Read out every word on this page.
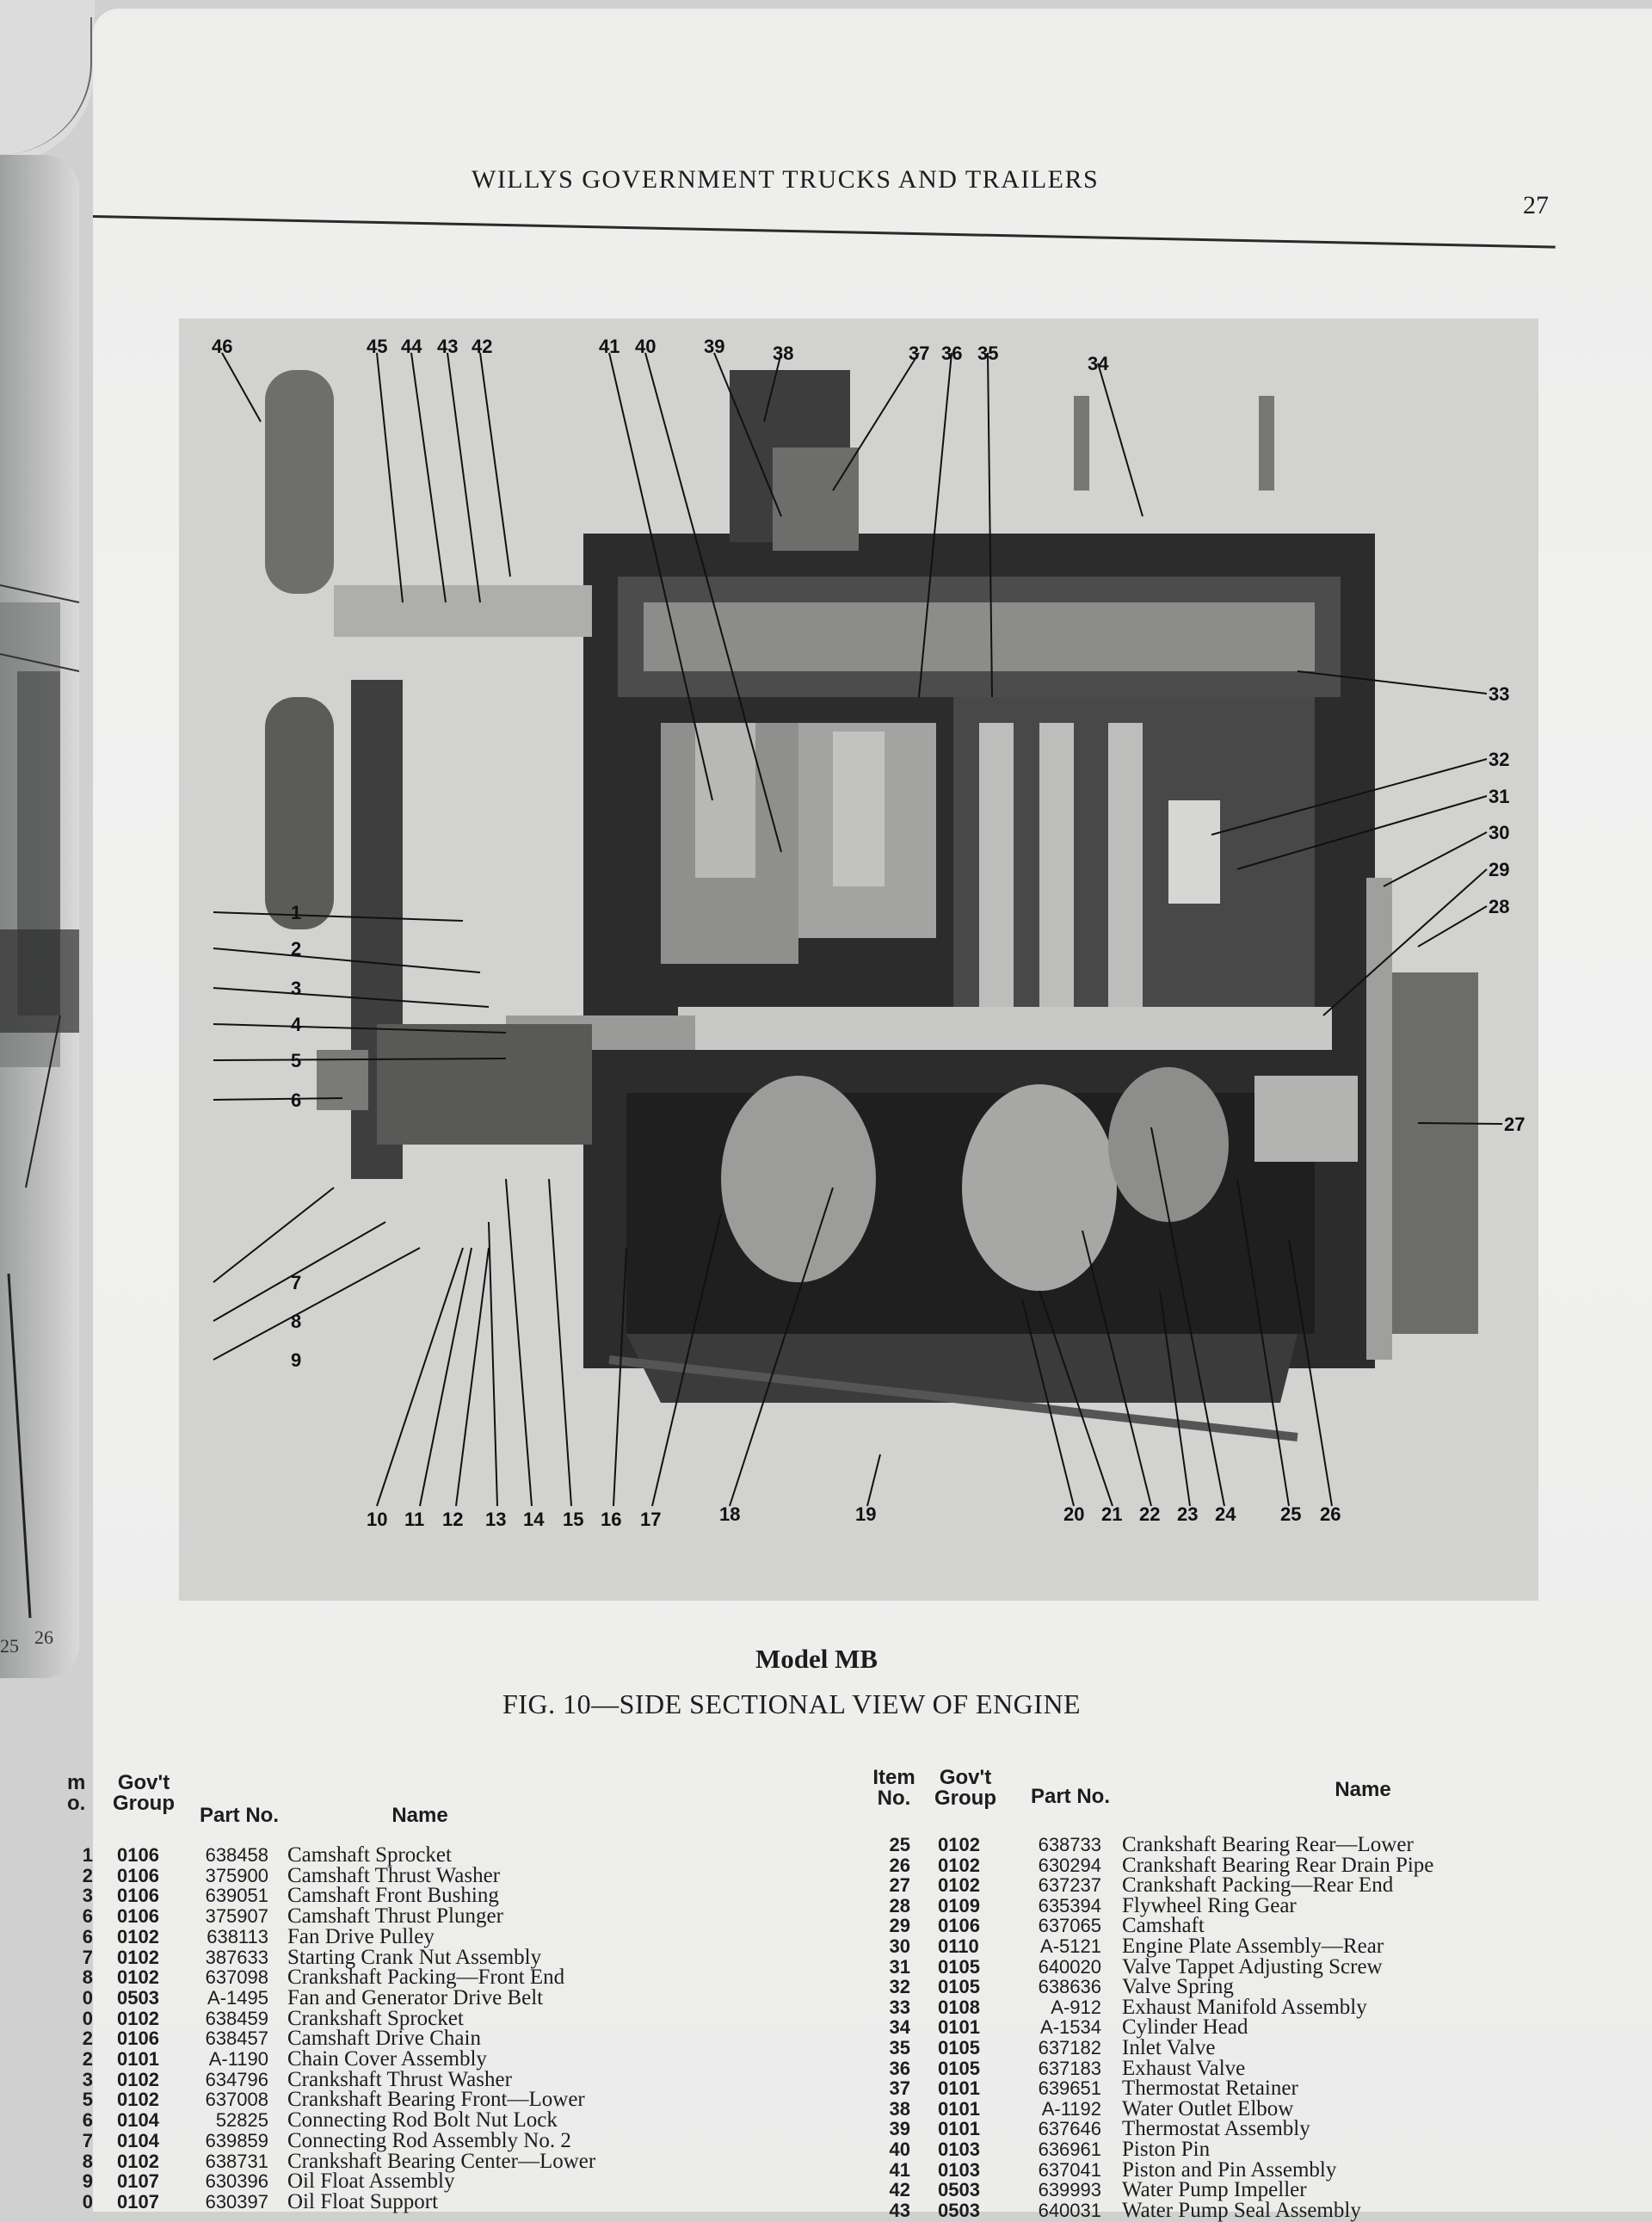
25 26
WILLYS GOVERNMENT TRUCKS AND TRAILERS
27
46	45 44 43 42	41 40	39	38	37 36 35	34
1
2
3
4
5
6
7
8
9
33
32
31
30
29
28
27
10 11 12 13 14 15 16 17	18	19	20 21 22 23 24 25 26
Model MB
FIG. 10—SIDE SECTIONAL VIEW OF ENGINE
m
o.
Gov't
Group
Part No.	Name
1 0106	638458 Camshaft Sprocket
2 0106	375900 Camshaft Thrust Washer
3 0106	639051 Camshaft Front Bushing
6 0106	375907 Camshaft Thrust Plunger
6 0102	638113 Fan Drive Pulley
7 0102	387633 Starting Crank Nut Assembly
8 0102	637098 Crankshaft Packing—Front End
0 0503	A-1495 Fan and Generator Drive Belt
0 0102	638459 Crankshaft Sprocket
2 0106	638457 Camshaft Drive Chain
2 0101	A-1190 Chain Cover Assembly
3 0102	634796 Crankshaft Thrust Washer
5 0102	637008 Crankshaft Bearing Front—Lower
6 0104	52825 Connecting Rod Bolt Nut Lock
7 0104	639859 Connecting Rod Assembly No. 2
8 0102	638731 Crankshaft Bearing Center—Lower
9 0107	630396 Oil Float Assembly
0 0107	630397 Oil Float Support
Item
No.
Gov't
Group	Part No.	Name
25 0102	638733 Crankshaft Bearing Rear—Lower
26 0102	630294 Crankshaft Bearing Rear Drain Pipe
27 0102	637237 Crankshaft Packing—Rear End
28 0109	635394 Flywheel Ring Gear
29 0106	637065 Camshaft
30 0110	A-5121 Engine Plate Assembly—Rear
31 0105	640020 Valve Tappet Adjusting Screw
32 0105	638636 Valve Spring
33 0108	A-912 Exhaust Manifold Assembly
34 0101	A-1534 Cylinder Head
35 0105	637182 Inlet Valve
36 0105	637183 Exhaust Valve
37 0101	639651 Thermostat Retainer
38 0101	A-1192 Water Outlet Elbow
39 0101	637646 Thermostat Assembly
40 0103	636961 Piston Pin
41 0103	637041 Piston and Pin Assembly
42 0503	639993 Water Pump Impeller
43 0503	640031 Water Pump Seal Assembly
